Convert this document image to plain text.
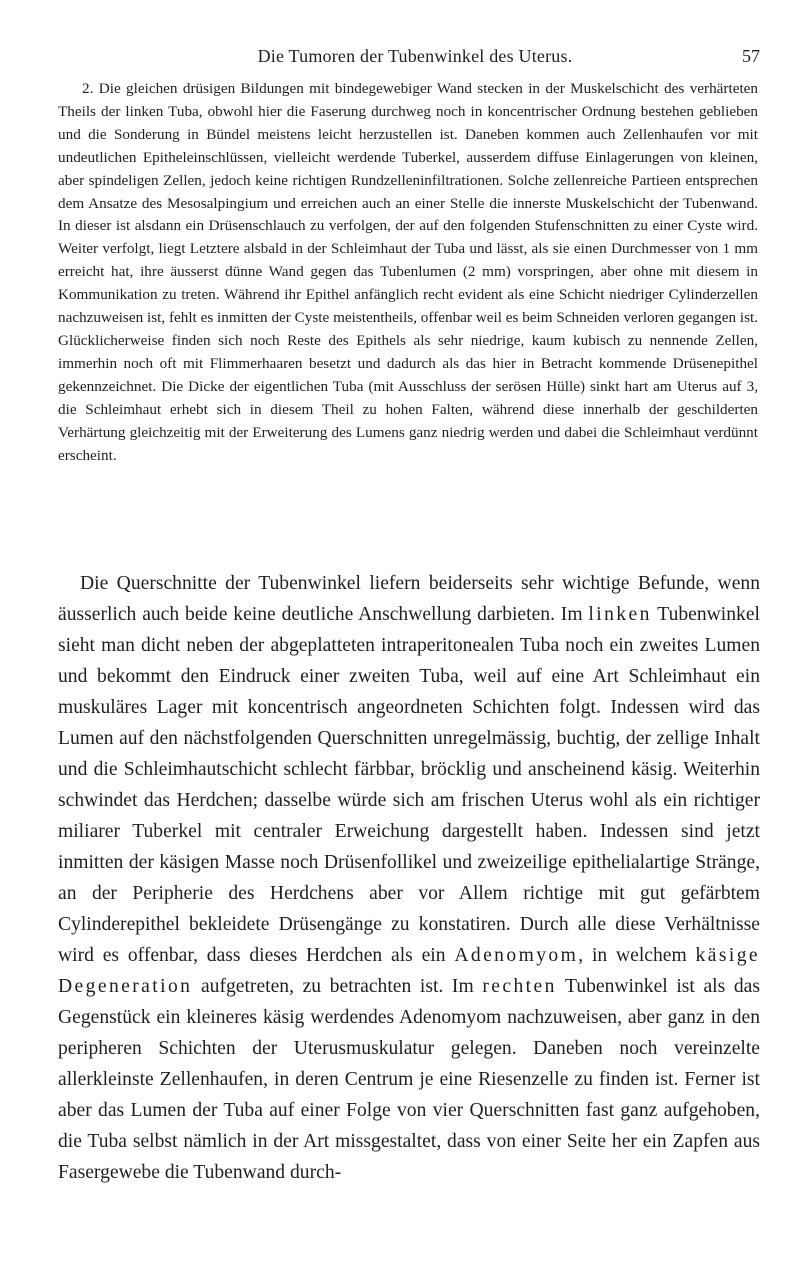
Die Tumoren der Tubenwinkel des Uterus.	57

2. Die gleichen drüsigen Bildungen mit bindegewebiger Wand stecken in der Muskelschicht des verhärteten Theils der linken Tuba, obwohl hier die Faserung durchweg noch in koncentrischer Ordnung bestehen geblieben und die Sonderung in Bündel meistens leicht herzustellen ist. Daneben kommen auch Zellenhaufen vor mit undeutlichen Epitheleinschlüssen, vielleicht werdende Tuberkel, ausserdem diffuse Einlagerungen von kleinen, aber spindeligen Zellen, jedoch keine richtigen Rundzelleninfiltrationen. Solche zellenreiche Partieen entsprechen dem Ansatze des Mesosalpingium und erreichen auch an einer Stelle die innerste Muskelschicht der Tubenwand. In dieser ist alsdann ein Drüsenschlauch zu verfolgen, der auf den folgenden Stufenschnitten zu einer Cyste wird. Weiter verfolgt, liegt Letztere alsbald in der Schleimhaut der Tuba und lässt, als sie einen Durchmesser von 1 mm erreicht hat, ihre äusserst dünne Wand gegen das Tubenlumen (2 mm) vorspringen, aber ohne mit diesem in Kommunikation zu treten. Während ihr Epithel anfänglich recht evident als eine Schicht niedriger Cylinderzellen nachzuweisen ist, fehlt es inmitten der Cyste meistentheils, offenbar weil es beim Schneiden verloren gegangen ist. Glücklicherweise finden sich noch Reste des Epithels als sehr niedrige, kaum kubisch zu nennende Zellen, immerhin noch oft mit Flimmerhaaren besetzt und dadurch als das hier in Betracht kommende Drüsenepithel gekennzeichnet. Die Dicke der eigentlichen Tuba (mit Ausschluss der serösen Hülle) sinkt hart am Uterus auf 3, die Schleimhaut erhebt sich in diesem Theil zu hohen Falten, während diese innerhalb der geschilderten Verhärtung gleichzeitig mit der Erweiterung des Lumens ganz niedrig werden und dabei die Schleimhaut verdünnt erscheint.

Die Querschnitte der Tubenwinkel liefern beiderseits sehr wichtige Befunde, wenn äusserlich auch beide keine deutliche Anschwellung darbieten. Im linken Tubenwinkel sieht man dicht neben der abgeplatteten intraperitonealen Tuba noch ein zweites Lumen und bekommt den Eindruck einer zweiten Tuba, weil auf eine Art Schleimhaut ein muskuläres Lager mit koncentrisch angeordneten Schichten folgt. Indessen wird das Lumen auf den nächstfolgenden Querschnitten unregelmässig, buchtig, der zellige Inhalt und die Schleimhautschicht schlecht färbbar, bröcklig und anscheinend käsig. Weiterhin schwindet das Herdchen; dasselbe würde sich am frischen Uterus wohl als ein richtiger miliarer Tuberkel mit centraler Erweichung dargestellt haben. Indessen sind jetzt inmitten der käsigen Masse noch Drüsenfollikel und zweizeilige epithelialartige Stränge, an der Peripherie des Herdchens aber vor Allem richtige mit gut gefärbtem Cylinderepithel bekleidete Drüsengänge zu konstatiren. Durch alle diese Verhältnisse wird es offenbar, dass dieses Herdchen als ein Adenomyom, in welchem käsige Degeneration aufgetreten, zu betrachten ist. Im rechten Tubenwinkel ist als das Gegenstück ein kleineres käsig werdendes Adenomyom nachzuweisen, aber ganz in den peripheren Schichten der Uterusmuskulatur gelegen. Daneben noch vereinzelte allerkleinste Zellenhaufen, in deren Centrum je eine Riesenzelle zu finden ist. Ferner ist aber das Lumen der Tuba auf einer Folge von vier Querschnitten fast ganz aufgehoben, die Tuba selbst nämlich in der Art missgestaltet, dass von einer Seite her ein Zapfen aus Fasergewebe die Tubenwand durch-
